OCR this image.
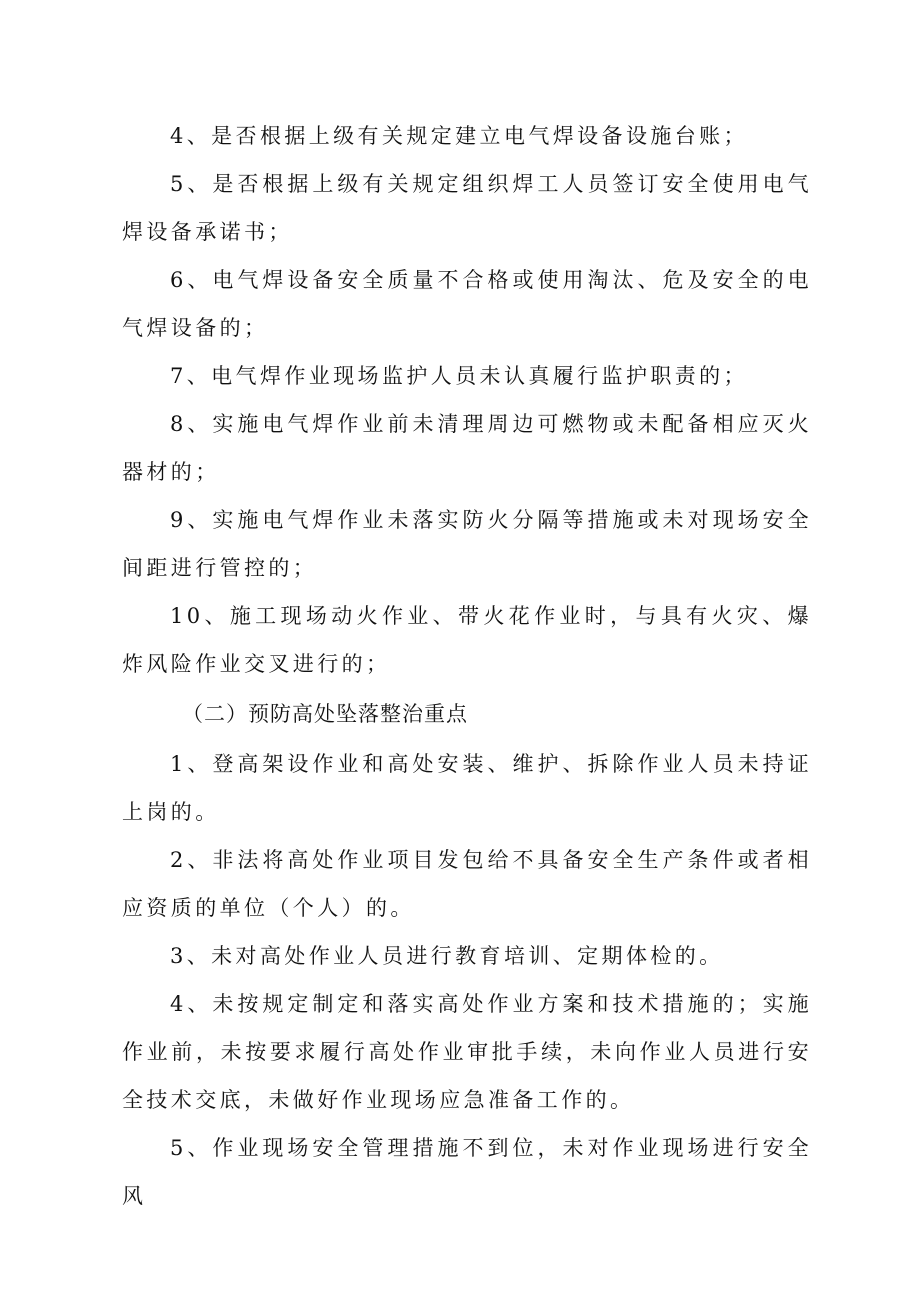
4、是否根据上级有关规定建立电气焊设备设施台账；

5、是否根据上级有关规定组织焊工人员签订安全使用电气焊设备承诺书；

6、电气焊设备安全质量不合格或使用淘汰、危及安全的电气焊设备的；

7、电气焊作业现场监护人员未认真履行监护职责的；

8、实施电气焊作业前未清理周边可燃物或未配备相应灭火器材的；

9、实施电气焊作业未落实防火分隔等措施或未对现场安全间距进行管控的；

10、施工现场动火作业、带火花作业时，与具有火灾、爆炸风险作业交叉进行的；

（二）预防高处坠落整治重点

1、登高架设作业和高处安装、维护、拆除作业人员未持证上岗的。

2、非法将高处作业项目发包给不具备安全生产条件或者相应资质的单位（个人）的。

3、未对高处作业人员进行教育培训、定期体检的。

4、未按规定制定和落实高处作业方案和技术措施的；实施作业前，未按要求履行高处作业审批手续，未向作业人员进行安全技术交底，未做好作业现场应急准备工作的。

5、作业现场安全管理措施不到位，未对作业现场进行安全风
